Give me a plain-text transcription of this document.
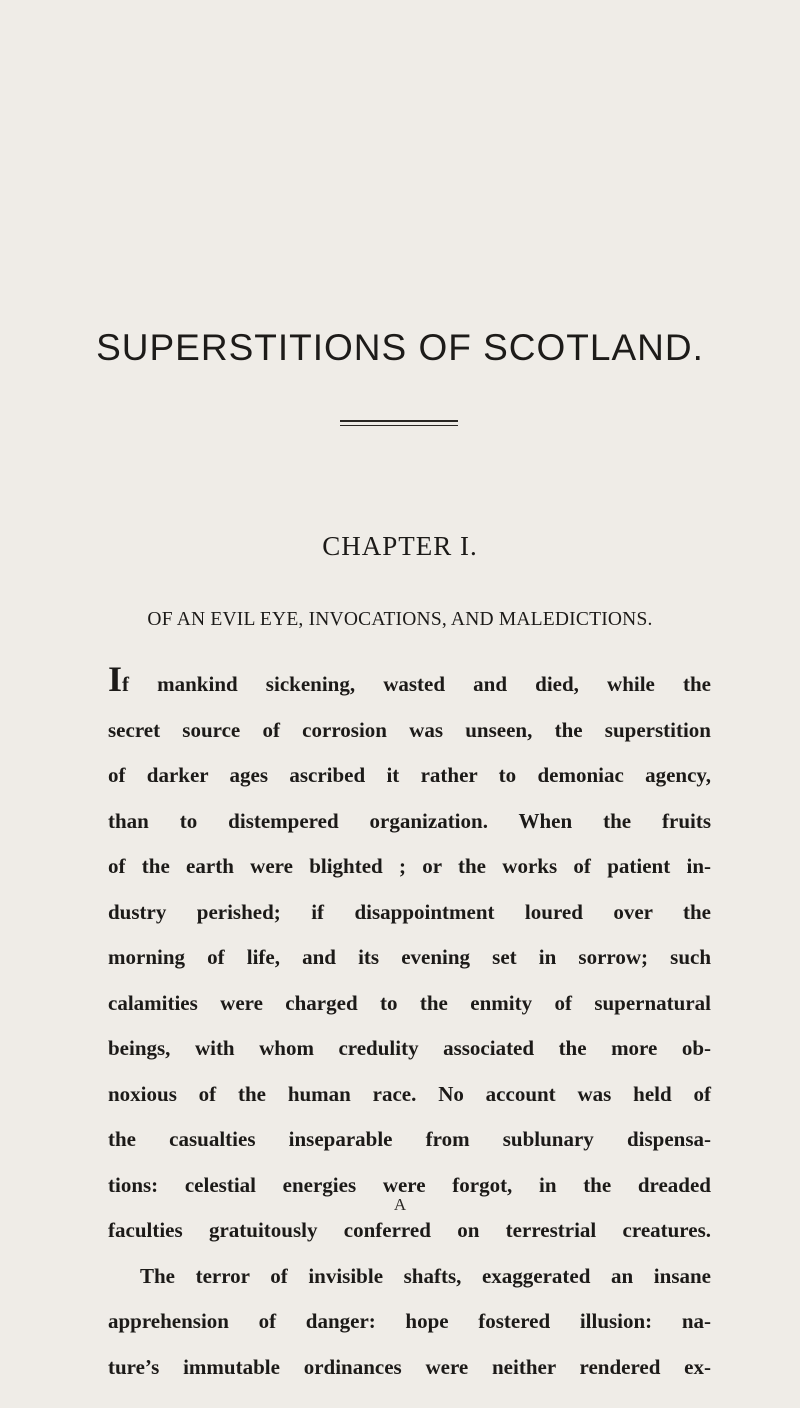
SUPERSTITIONS OF SCOTLAND.
CHAPTER I.
OF AN EVIL EYE, INVOCATIONS, AND MALEDICTIONS.
If mankind sickening, wasted and died, while the
secret source of corrosion was unseen, the superstition
of darker ages ascribed it rather to demoniac agency,
than to distempered organization. When the fruits
of the earth were blighted ; or the works of patient in-
dustry perished; if disappointment loured over the
morning of life, and its evening set in sorrow; such
calamities were charged to the enmity of supernatural
beings, with whom credulity associated the more ob-
noxious of the human race. No account was held of
the casualties inseparable from sublunary dispensa-
tions: celestial energies were forgot, in the dreaded
faculties gratuitously conferred on terrestrial creatures.
The terror of invisible shafts, exaggerated an insane
apprehension of danger: hope fostered illusion: na-
ture’s immutable ordinances were neither rendered ex-
A
